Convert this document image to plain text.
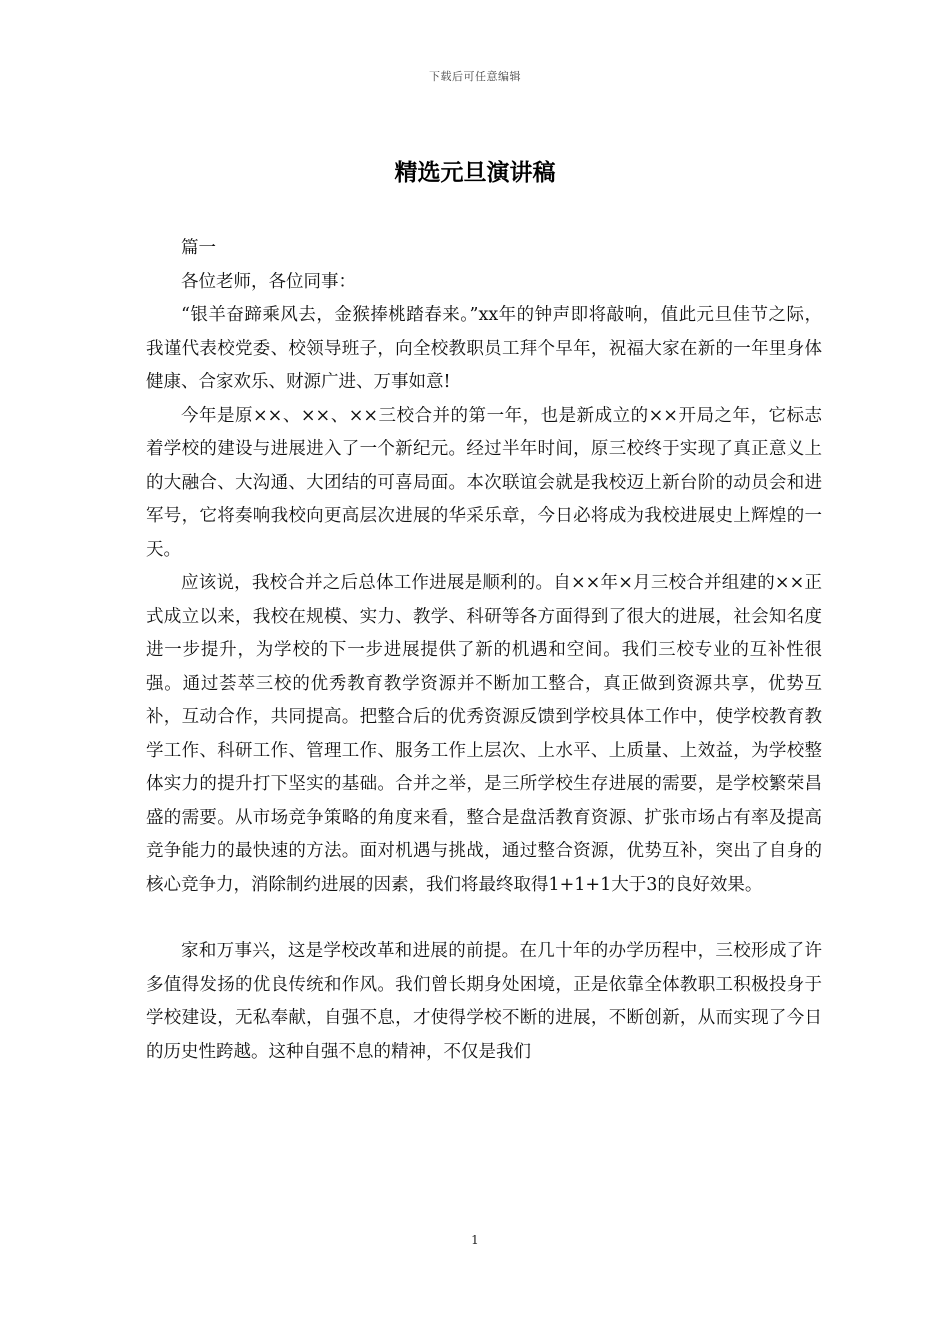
下载后可任意编辑
精选元旦演讲稿

篇一

各位老师，各位同事：

“银羊奋蹄乘风去，金猴捧桃踏春来。”xx年的钟声即将敲响，值此元旦佳节之际，我谨代表校党委、校领导班子，向全校教职员工拜个早年，祝福大家在新的一年里身体健康、合家欢乐、财源广进、万事如意!

今年是原××、××、××三校合并的第一年，也是新成立的××开局之年，它标志着学校的建设与进展进入了一个新纪元。经过半年时间，原三校终于实现了真正意义上的大融合、大沟通、大团结的可喜局面。本次联谊会就是我校迈上新台阶的动员会和进军号，它将奏响我校向更高层次进展的华采乐章，今日必将成为我校进展史上辉煌的一天。

应该说，我校合并之后总体工作进展是顺利的。自××年×月三校合并组建的××正式成立以来，我校在规模、实力、教学、科研等各方面得到了很大的进展，社会知名度进一步提升，为学校的下一步进展提供了新的机遇和空间。我们三校专业的互补性很强。通过荟萃三校的优秀教育教学资源并不断加工整合，真正做到资源共享，优势互补，互动合作，共同提高。把整合后的优秀资源反馈到学校具体工作中，使学校教育教学工作、科研工作、管理工作、服务工作上层次、上水平、上质量、上效益，为学校整体实力的提升打下坚实的基础。合并之举，是三所学校生存进展的需要，是学校繁荣昌盛的需要。从市场竞争策略的角度来看，整合是盘活教育资源、扩张市场占有率及提高竞争能力的最快速的方法。面对机遇与挑战，通过整合资源，优势互补，突出了自身的核心竞争力，消除制约进展的因素，我们将最终取得1+1+1大于3的良好效果。

家和万事兴，这是学校改革和进展的前提。在几十年的办学历程中，三校形成了许多值得发扬的优良传统和作风。我们曾长期身处困境，正是依靠全体教职工积极投身于学校建设，无私奉献，自强不息，才使得学校不断的进展，不断创新，从而实现了今日的历史性跨越。这种自强不息的精神，不仅是我们

1
